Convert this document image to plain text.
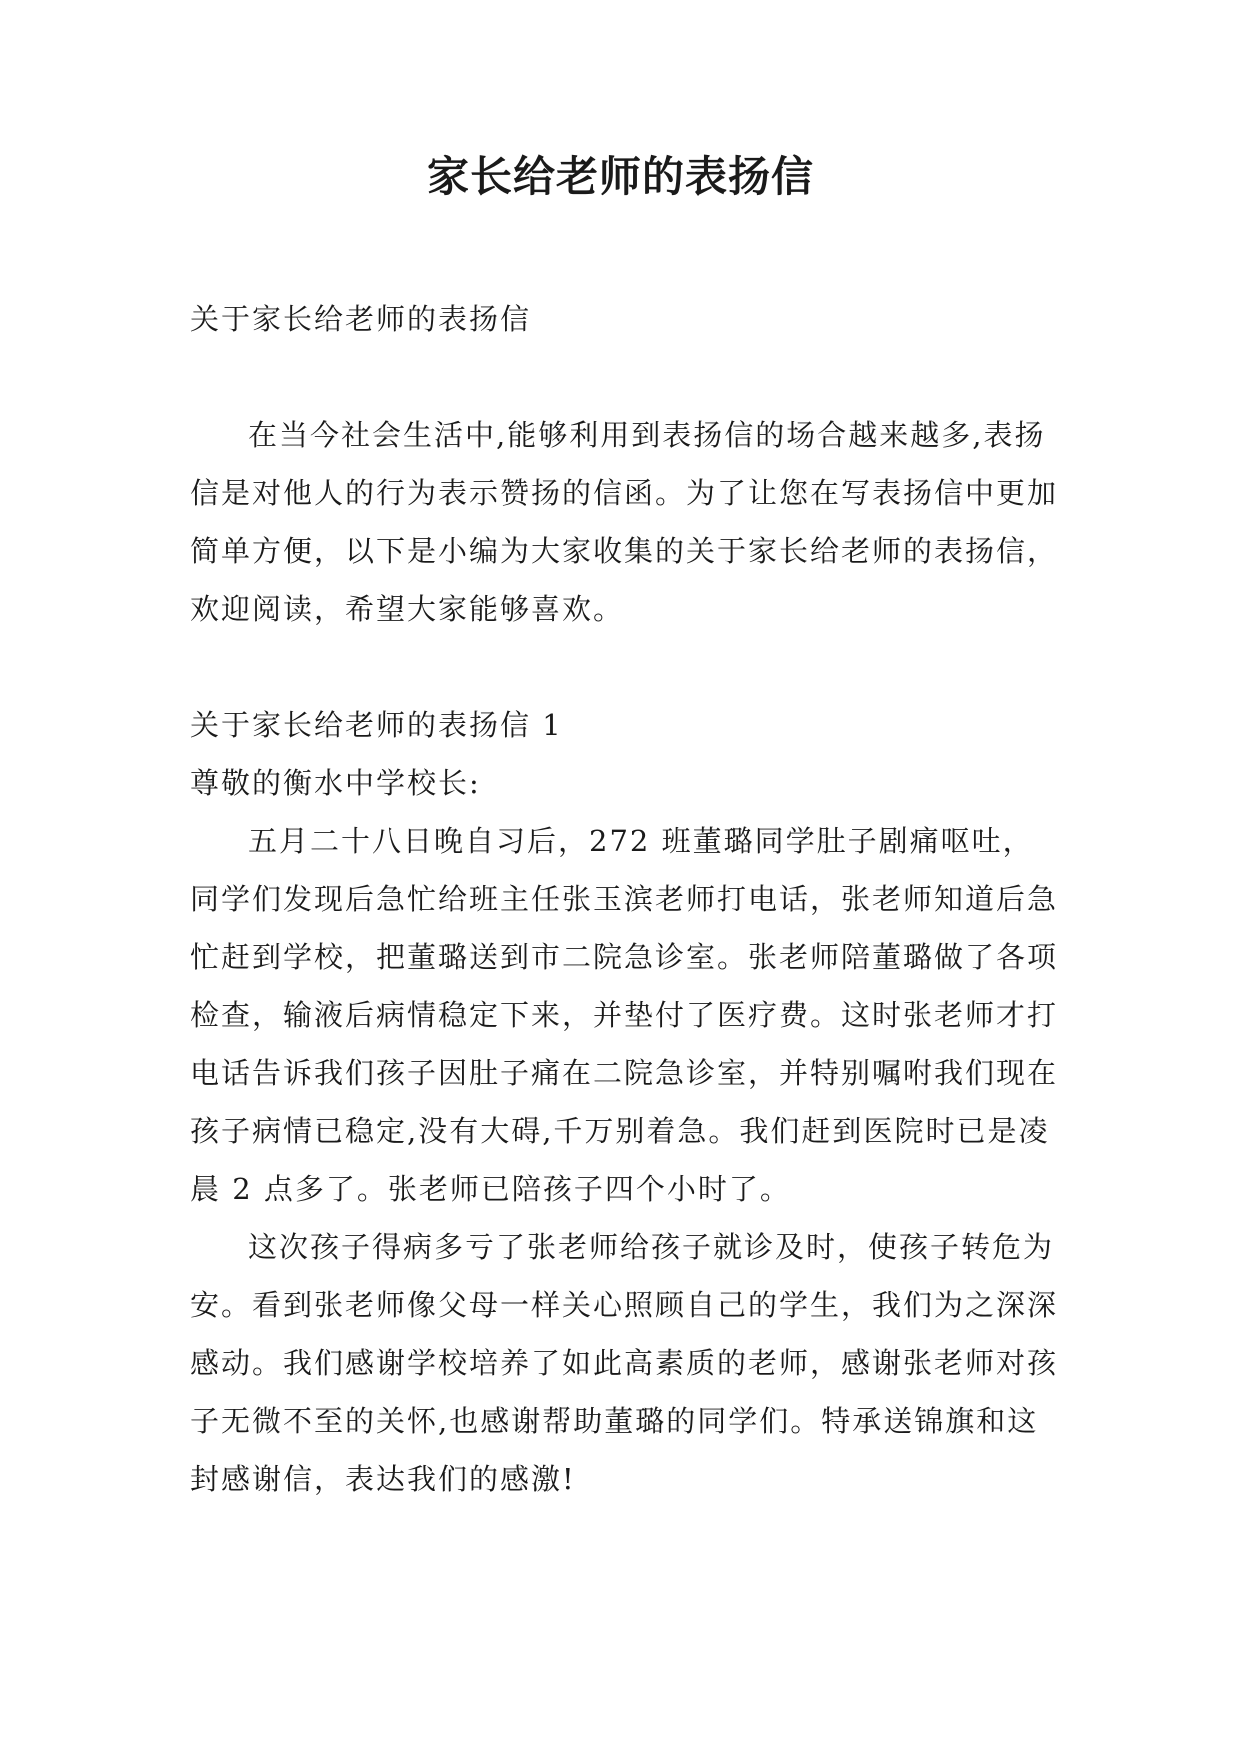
家长给老师的表扬信

关于家长给老师的表扬信

在当今社会生活中,能够利用到表扬信的场合越来越多,表扬信是对他人的行为表示赞扬的信函。为了让您在写表扬信中更加简单方便，以下是小编为大家收集的关于家长给老师的表扬信，欢迎阅读，希望大家能够喜欢。

关于家长给老师的表扬信 1

尊敬的衡水中学校长:

五月二十八日晚自习后，272 班董璐同学肚子剧痛呕吐，同学们发现后急忙给班主任张玉滨老师打电话，张老师知道后急忙赶到学校，把董璐送到市二院急诊室。张老师陪董璐做了各项检查，输液后病情稳定下来，并垫付了医疗费。这时张老师才打电话告诉我们孩子因肚子痛在二院急诊室，并特别嘱咐我们现在孩子病情已稳定,没有大碍,千万别着急。我们赶到医院时已是凌晨 2 点多了。张老师已陪孩子四个小时了。

这次孩子得病多亏了张老师给孩子就诊及时，使孩子转危为安。看到张老师像父母一样关心照顾自己的学生，我们为之深深感动。我们感谢学校培养了如此高素质的老师，感谢张老师对孩子无微不至的关怀,也感谢帮助董璐的同学们。特承送锦旗和这封感谢信，表达我们的感激!
